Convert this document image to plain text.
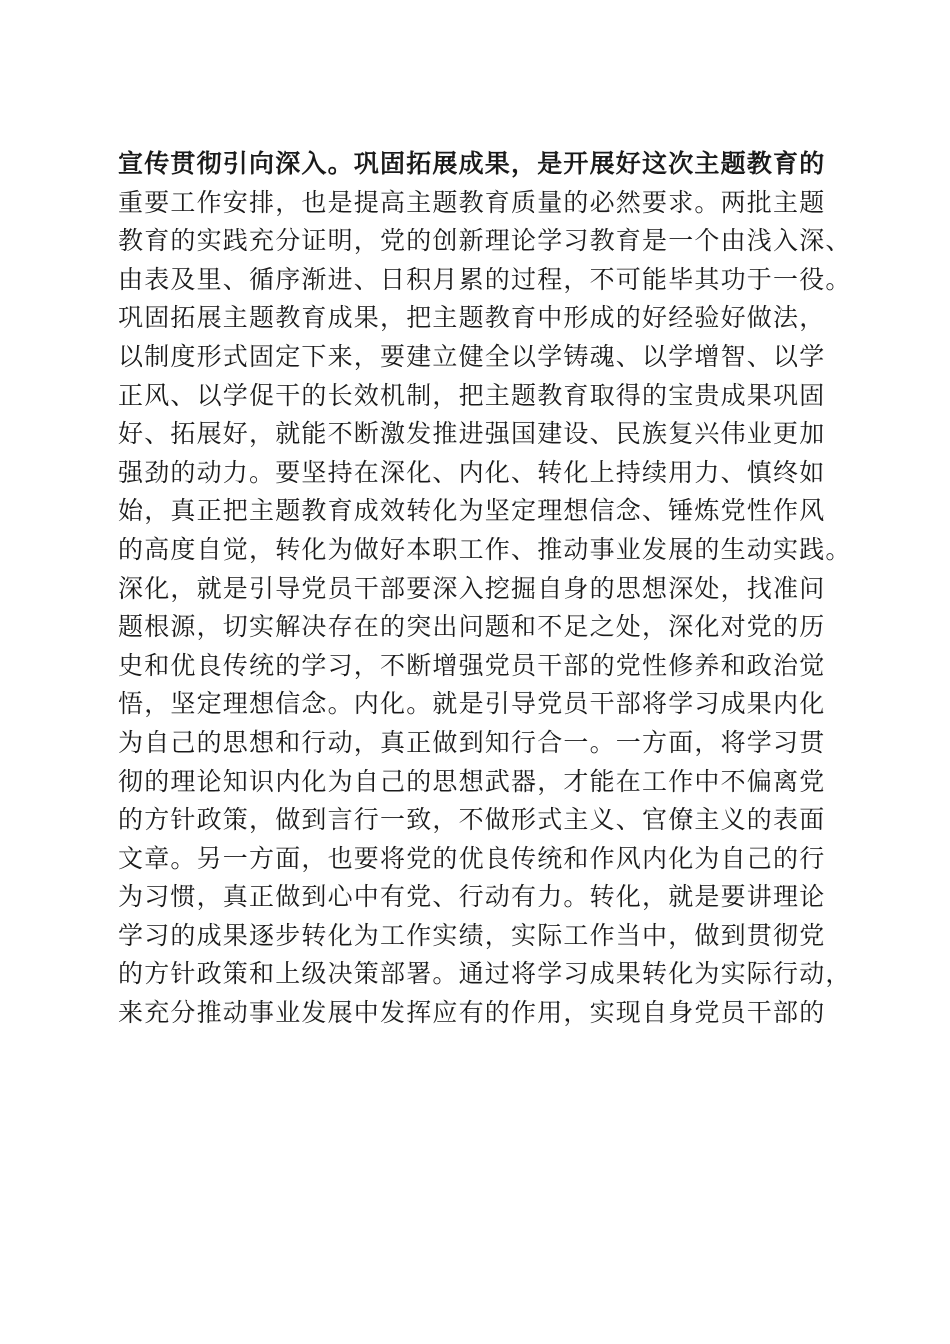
宣传贯彻引向深入。巩固拓展成果，是开展好这次主题教育的
重要工作安排，也是提高主题教育质量的必然要求。两批主题
教育的实践充分证明，党的创新理论学习教育是一个由浅入深、
由表及里、循序渐进、日积月累的过程，不可能毕其功于一役。
巩固拓展主题教育成果，把主题教育中形成的好经验好做法，
以制度形式固定下来，要建立健全以学铸魂、以学增智、以学
正风、以学促干的长效机制，把主题教育取得的宝贵成果巩固
好、拓展好，就能不断激发推进强国建设、民族复兴伟业更加
强劲的动力。要坚持在深化、内化、转化上持续用力、慎终如
始，真正把主题教育成效转化为坚定理想信念、锤炼党性作风
的高度自觉，转化为做好本职工作、推动事业发展的生动实践。
深化，就是引导党员干部要深入挖掘自身的思想深处，找准问
题根源，切实解决存在的突出问题和不足之处，深化对党的历
史和优良传统的学习，不断增强党员干部的党性修养和政治觉
悟，坚定理想信念。内化。就是引导党员干部将学习成果内化
为自己的思想和行动，真正做到知行合一。一方面，将学习贯
彻的理论知识内化为自己的思想武器，才能在工作中不偏离党
的方针政策，做到言行一致，不做形式主义、官僚主义的表面
文章。另一方面，也要将党的优良传统和作风内化为自己的行
为习惯，真正做到心中有党、行动有力。转化，就是要讲理论
学习的成果逐步转化为工作实绩，实际工作当中，做到贯彻党
的方针政策和上级决策部署。通过将学习成果转化为实际行动，
来充分推动事业发展中发挥应有的作用，实现自身党员干部的
